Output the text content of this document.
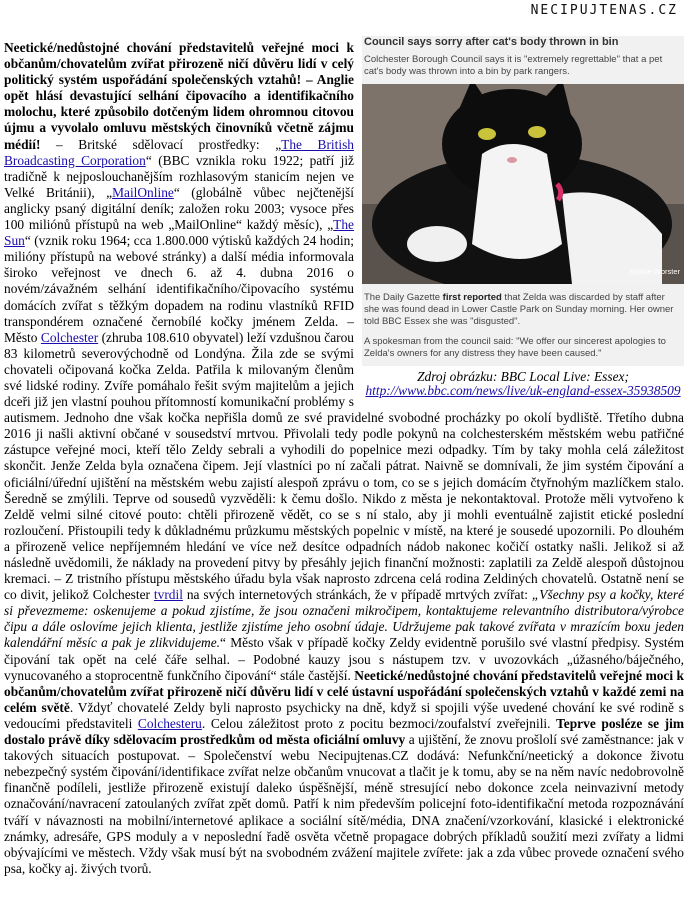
NECIPUJTENAS.CZ
Council says sorry after cat's body thrown in bin
Colchester Borough Council says it is "extremely regrettable" that a pet cat's body was thrown into a bin by park rangers.
Sophie Worster
The Daily Gazette first reported that Zelda was discarded by staff after she was found dead in Lower Castle Park on Sunday morning. Her owner told BBC Essex she was "disgusted".
A spokesman from the council said: "We offer our sincerest apologies to Zelda's owners for any distress they have been caused."
Zdroj obrázku: BBC Local Live: Essex;
http://www.bbc.com/news/live/uk-england-essex-35938509

Neetické/nedůstojné chování představitelů veřejné moci k občanům/chovatelům zvířat přirozeně ničí důvěru lidí v celý politický systém uspořádání společenských vztahů! – Anglie opět hlásí devastující selhání čipovacího a identifikačního molochu, které způsobilo dotčeným lidem ohromnou citovou újmu a vyvolalo omluvu městských činovníků včetně zájmu médií! – Britské sdělovací prostředky: „The British Broadcasting Corporation“ (BBC vznikla roku 1922; patří již tradičně k nejposlouchanějším rozhlasovým stanicím nejen ve Velké Británii), „MailOnline“ (globálně vůbec nejčtenější anglicky psaný digitální deník; založen roku 2003; vysoce přes 100 miliónů přístupů na web „MailOnline“ každý měsíc), „The Sun“ (vznik roku 1964; cca 1.800.000 výtisků každých 24 hodin; milióny přístupů na webové stránky) a další média informovala široko veřejnost ve dnech 6. až 4. dubna 2016 o novém/závažném selhání identifikačního/čipovacího systému domácích zvířat s těžkým dopadem na rodinu vlastníků RFID transpondérem označené černobílé kočky jménem Zelda. – Město Colchester (zhruba 108.610 obyvatel) leží vzdušnou čarou 83 kilometrů severovýchodně od Londýna. Žila zde se svými chovateli očipovaná kočka Zelda. Patřila k milovaným členům své lidské rodiny. Zvíře pomáhalo řešit svým majitelům a jejich dceři již jen vlastní pouhou přítomností komunikační problémy s autismem. Jednoho dne však kočka nepřišla domů ze své pravidelné svobodné procházky po okolí bydliště. Třetího dubna 2016 ji našli aktivní občané v sousedství mrtvou. Přivolali tedy podle pokynů na colchesterském městském webu patřičné zástupce veřejné moci, kteří tělo Zeldy sebrali a vyhodili do popelnice mezi odpadky. Tím by taky mohla celá záležitost skončit. Jenže Zelda byla označena čipem. Její vlastníci po ní začali pátrat. Naivně se domnívali, že jim systém čipování a oficiální/úřední ujištění na městském webu zajistí alespoň zprávu o tom, co se s jejich domácím čtyřnohým mazlíčkem stalo. Šeredně se zmýlili. Teprve od sousedů vyzvěděli: k čemu došlo. Nikdo z města je nekontaktoval. Protože měli vytvořeno k Zeldě velmi silné citové pouto: chtěli přirozeně vědět, co se s ní stalo, aby ji mohli eventuálně zajistit etické poslední rozloučení. Přistoupili tedy k důkladnému průzkumu městských popelnic v místě, na které je sousedé upozornili. Po dlouhém a přirozeně velice nepříjemném hledání ve více než desítce odpadních nádob nakonec kočičí ostatky našli. Jelikož si až následně uvědomili, že náklady na provedení pitvy by přesáhly jejich finanční možnosti: zaplatili za Zeldě alespoň důstojnou kremaci. – Z tristního přístupu městského úřadu byla však naprosto zdrcena celá rodina Zeldiných chovatelů. Ostatně není se co divit, jelikož Colchester tvrdil na svých internetových stránkách, že v případě mrtvých zvířat: „Všechny psy a kočky, které si převezmeme: oskenujeme a pokud zjistíme, že jsou označeni mikročipem, kontaktujeme relevantního distributora/výrobce čipu a dále oslovíme jejich klienta, jestliže zjistíme jeho osobní údaje. Udržujeme pak takové zvířata v mrazícím boxu jeden kalendářní měsíc a pak je zlikvidujeme.“ Město však v případě kočky Zeldy evidentně porušilo své vlastní předpisy. Systém čipování tak opět na celé čáře selhal. – Podobné kauzy jsou s nástupem tzv. v uvozovkách „úžasného/báječného, vynucovaného a stoprocentně funkčního čipování“ stále častější. Neetické/nedůstojné chování představitelů veřejné moci k občanům/chovatelům zvířat přirozeně ničí důvěru lidí v celé ústavní uspořádání společenských vztahů v každé zemi na celém světě. Vždyť chovatelé Zeldy byli naprosto psychicky na dně, když si spojili výše uvedené chování ke své rodině s vedoucími představiteli Colchesteru. Celou záležitost proto z pocitu bezmoci/zoufalství zveřejnili. Teprve posléze se jim dostalo právě díky sdělovacím prostředkům od města oficiální omluvy a ujištění, že znovu prošlolí své zaměstnance: jak v takových situacích postupovat. – Společenství webu Necipujtenas.CZ dodává: Nefunkční/neetický a dokonce životu nebezpečný systém čipování/identifikace zvířat nelze občanům vnucovat a tlačit je k tomu, aby se na něm navíc nedobrovolně finančně podíleli, jestliže přirozeně existují daleko úspěšnější, méně stresující nebo dokonce zcela neinvazivní metody označování/navracení zatoulaných zvířat zpět domů. Patří k nim především policejní foto-identifikační metoda rozpoznávání tváří v návaznosti na mobilní/internetové aplikace a sociální sítě/média, DNA značení/vzorkování, klasické i elektronické známky, adresáře, GPS moduly a v neposlední řadě osvěta včetně propagace dobrých příkladů soužití mezi zvířaty a lidmi obývajícími ve městech. Vždy však musí být na svobodném zvážení majitele zvířete: jak a zda vůbec provede označení svého psa, kočky aj. živých tvorů.
